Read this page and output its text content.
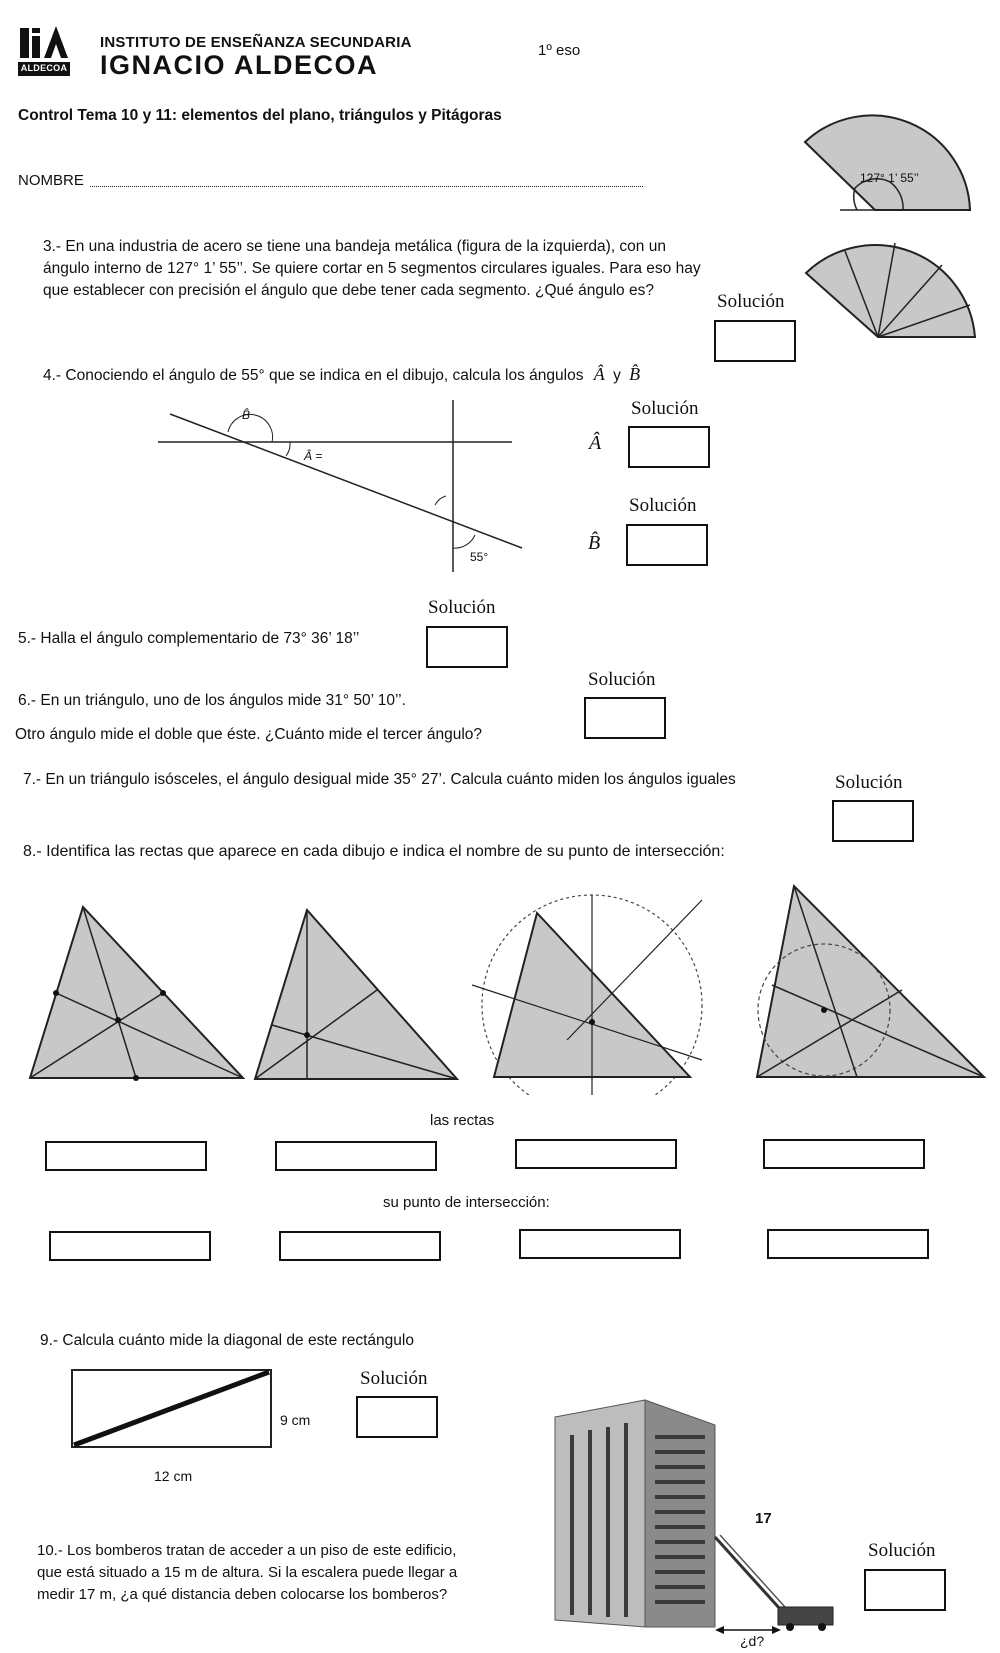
ALDECOA
INSTITUTO DE ENSEÑANZA SECUNDARIA
IGNACIO ALDECOA	1º eso
Control Tema 10 y 11: elementos del plano, triángulos y Pitágoras
NOMBRE	127° 1’ 55’’
3.- En una industria de acero se tiene una bandeja metálica (figura de la izquierda), con un
ángulo interno de 127° 1’ 55’’. Se quiere cortar en 5 segmentos circulares iguales. Para eso hay
que establecer con precisión el ángulo que debe tener cada segmento. ¿Qué ángulo es?
Solución
4.- Conociendo el ángulo de 55° que se indica en el dibujo, calcula los ángulos Â y B̂
B̂
Â =
55°
Solución
Â
Solución
B̂
Solución
5.- Halla el ángulo complementario de 73° 36’ 18’’
Solución
6.- En un triángulo, uno de los ángulos mide 31° 50’ 10’’.
Otro ángulo mide el doble que éste. ¿Cuánto mide el tercer ángulo?
7.- En un triángulo isósceles, el ángulo desigual mide 35° 27’. Calcula cuánto miden los ángulos iguales	Solución
8.- Identifica las rectas que aparece en cada dibujo e indica el nombre de su punto de intersección:
las rectas
su punto de intersección:
9.- Calcula cuánto mide la diagonal de este rectángulo
9 cm
12 cm
Solución
17
¿d?
10.- Los bomberos tratan de acceder a un piso de este edificio,
que está situado a 15 m de altura. Si la escalera puede llegar a
medir 17 m, ¿a qué distancia deben colocarse los bomberos?
Solución
